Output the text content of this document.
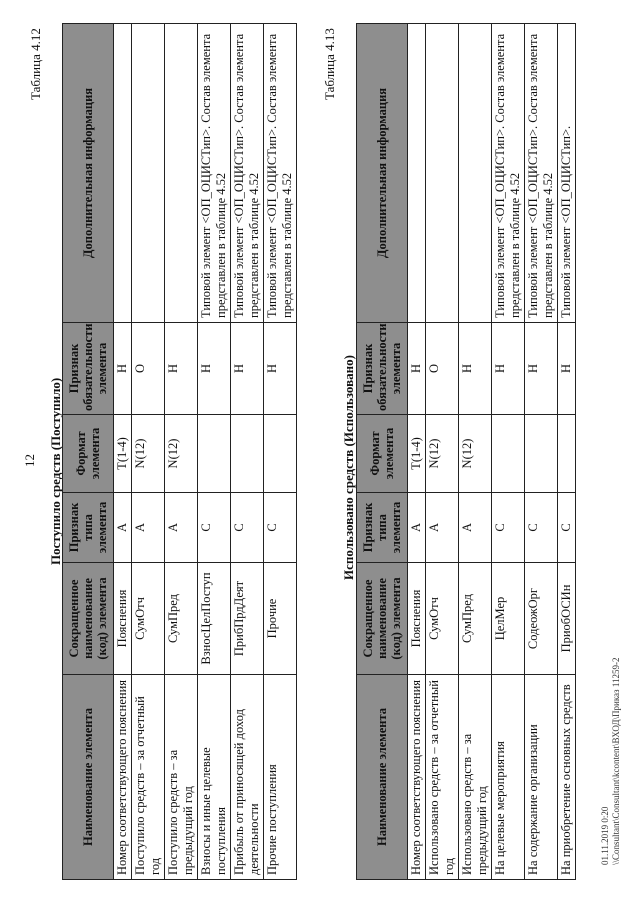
12
Таблица 4.12
Поступило средств (Поступило)
Наименование элемента	Сокращенное наименование (код) элемента	Признак типа элемента	Формат элемента	Признак обязательности элемента	Дополнительная информация
Номер соответствующего пояснения	Пояснения	А	T(1-4)	Н	
Поступило средств – за отчетный год	СумОтч	А	N(12)	О	
Поступило средств – за предыдущий год	СумПред	А	N(12)	Н	
Взносы и иные целевые поступления	ВзносЦелПоступ	С		Н	Типовой элемент <ОП_ОЦИСТип>. Состав элемента представлен в таблице 4.52
Прибыль от приносящей доход деятельности	ПрибПрдДеят	С		Н	Типовой элемент <ОП_ОЦИСТип>. Состав элемента представлен в таблице 4.52
Прочие поступления	Прочие	С		Н	Типовой элемент <ОП_ОЦИСТип>. Состав элемента представлен в таблице 4.52
Таблица 4.13
Использовано средств (Использовано)
Наименование элемента	Сокращенное наименование (код) элемента	Признак типа элемента	Формат элемента	Признак обязательности элемента	Дополнительная информация
Номер соответствующего пояснения	Пояснения	А	T(1-4)	Н	
Использовано средств – за отчетный год	СумОтч	А	N(12)	О	
Использовано средств – за предыдущий год	СумПред	А	N(12)	Н	
На целевые мероприятия	ЦелМер	С		Н	Типовой элемент <ОП_ОЦИСТип>. Состав элемента представлен в таблице 4.52
На содержание организации	СодеожОрг	С		Н	Типовой элемент <ОП_ОЦИСТип>. Состав элемента представлен в таблице 4.52
На приобретение основных средств	ПриобОСИн	С		Н	Типовой элемент <ОП_ОЦИСТип>.
01.11.2019 0:20 \\Consultant\Consultant\kcontent\ВХОД\Приказ 11259-2
